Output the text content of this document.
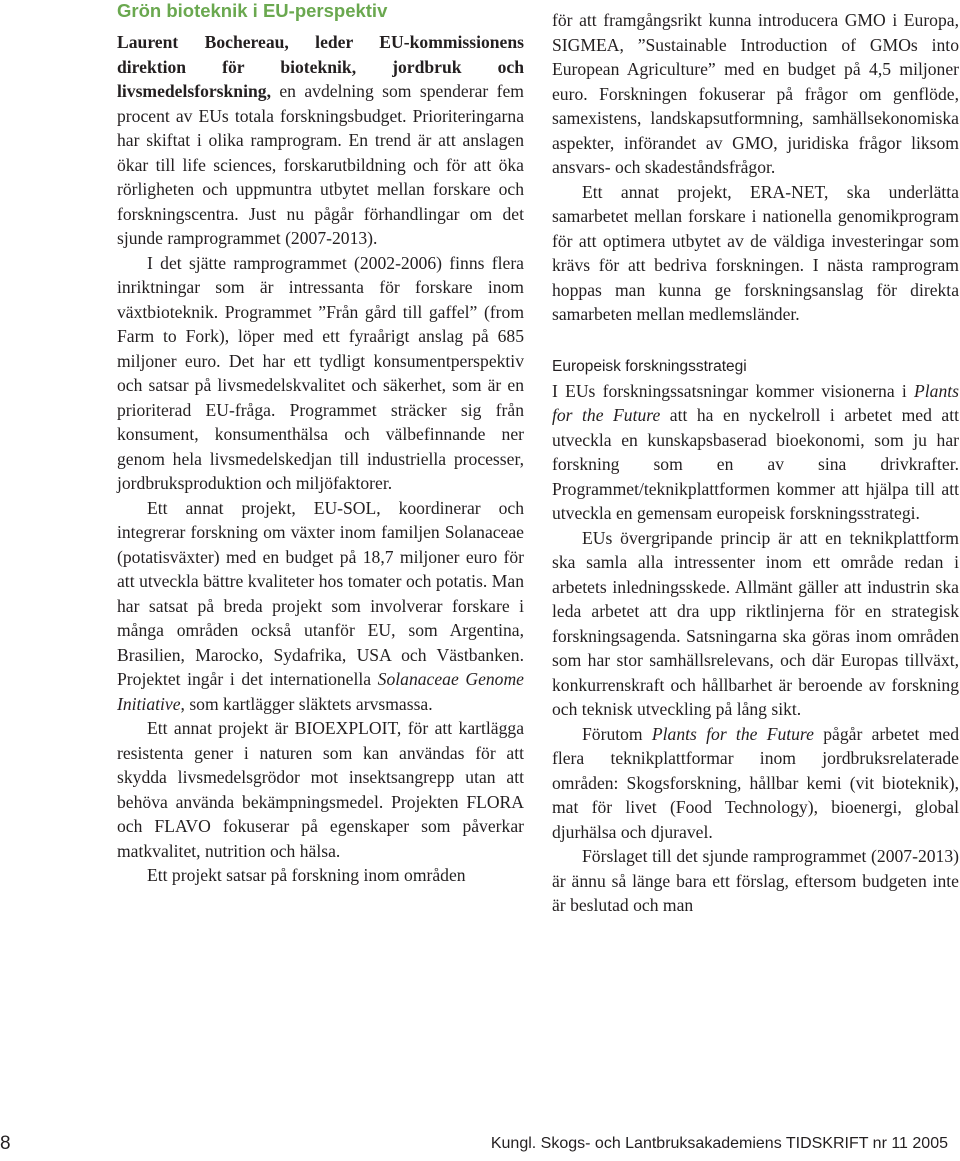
Grön bioteknik i EU-perspektiv

Laurent Bochereau, leder EU-kommissionens direktion för bioteknik, jordbruk och livsmedelsforskning, en avdelning som spenderar fem procent av EUs totala forskningsbudget. Prioriteringarna har skiftat i olika ramprogram. En trend är att anslagen ökar till life sciences, forskarutbildning och för att öka rörligheten och uppmuntra utbytet mellan forskare och forskningscentra. Just nu pågår förhandlingar om det sjunde ramprogrammet (2007-2013).

I det sjätte ramprogrammet (2002-2006) finns flera inriktningar som är intressanta för forskare inom växtbioteknik. Programmet ”Från gård till gaffel” (from Farm to Fork), löper med ett fyraårigt anslag på 685 miljoner euro. Det har ett tydligt konsumentperspektiv och satsar på livsmedelskvalitet och säkerhet, som är en prioriterad EU-fråga. Programmet sträcker sig från konsument, konsumenthälsa och välbefinnande ner genom hela livsmedelskedjan till industriella processer, jordbruksproduktion och miljöfaktorer.

Ett annat projekt, EU-SOL, koordinerar och integrerar forskning om växter inom familjen Solanaceae (potatisväxter) med en budget på 18,7 miljoner euro för att utveckla bättre kvaliteter hos tomater och potatis. Man har satsat på breda projekt som involverar forskare i många områden också utanför EU, som Argentina, Brasilien, Marocko, Sydafrika, USA och Västbanken. Projektet ingår i det internationella Solanaceae Genome Initiative, som kartlägger släktets arvsmassa.

Ett annat projekt är BIOEXPLOIT, för att kartlägga resistenta gener i naturen som kan användas för att skydda livsmedelsgrödor mot insektsangrepp utan att behöva använda bekämpningsmedel. Projekten FLORA och FLAVO fokuserar på egenskaper som påverkar matkvalitet, nutrition och hälsa.

Ett projekt satsar på forskning inom områden

för att framgångsrikt kunna introducera GMO i Europa, SIGMEA, ”Sustainable Introduction of GMOs into European Agriculture” med en budget på 4,5 miljoner euro. Forskningen fokuserar på frågor om genflöde, samexistens, landskapsutformning, samhällsekonomiska aspekter, införandet av GMO, juridiska frågor liksom ansvars- och skadeståndsfrågor.

Ett annat projekt, ERA-NET, ska underlätta samarbetet mellan forskare i nationella genomikprogram för att optimera utbytet av de väldiga investeringar som krävs för att bedriva forskningen. I nästa ramprogram hoppas man kunna ge forskningsanslag för direkta samarbeten mellan medlemsländer.

Europeisk forskningsstrategi

I EUs forskningssatsningar kommer visionerna i Plants for the Future att ha en nyckelroll i arbetet med att utveckla en kunskapsbaserad bioekonomi, som ju har forskning som en av sina drivkrafter. Programmet/teknikplattformen kommer att hjälpa till att utveckla en gemensam europeisk forskningsstrategi.

EUs övergripande princip är att en teknikplattform ska samla alla intressenter inom ett område redan i arbetets inledningsskede. Allmänt gäller att industrin ska leda arbetet att dra upp riktlinjerna för en strategisk forskningsagenda. Satsningarna ska göras inom områden som har stor samhällsrelevans, och där Europas tillväxt, konkurrenskraft och hållbarhet är beroende av forskning och teknisk utveckling på lång sikt.

Förutom Plants for the Future pågår arbetet med flera teknikplattformar inom jordbruksrelaterade områden: Skogsforskning, hållbar kemi (vit bioteknik), mat för livet (Food Technology), bioenergi, global djurhälsa och djuravel.

Förslaget till det sjunde ramprogrammet (2007-2013) är ännu så länge bara ett förslag, eftersom budgeten inte är beslutad och man

8	Kungl. Skogs- och Lantbruksakademiens TIDSKRIFT nr 11 2005
